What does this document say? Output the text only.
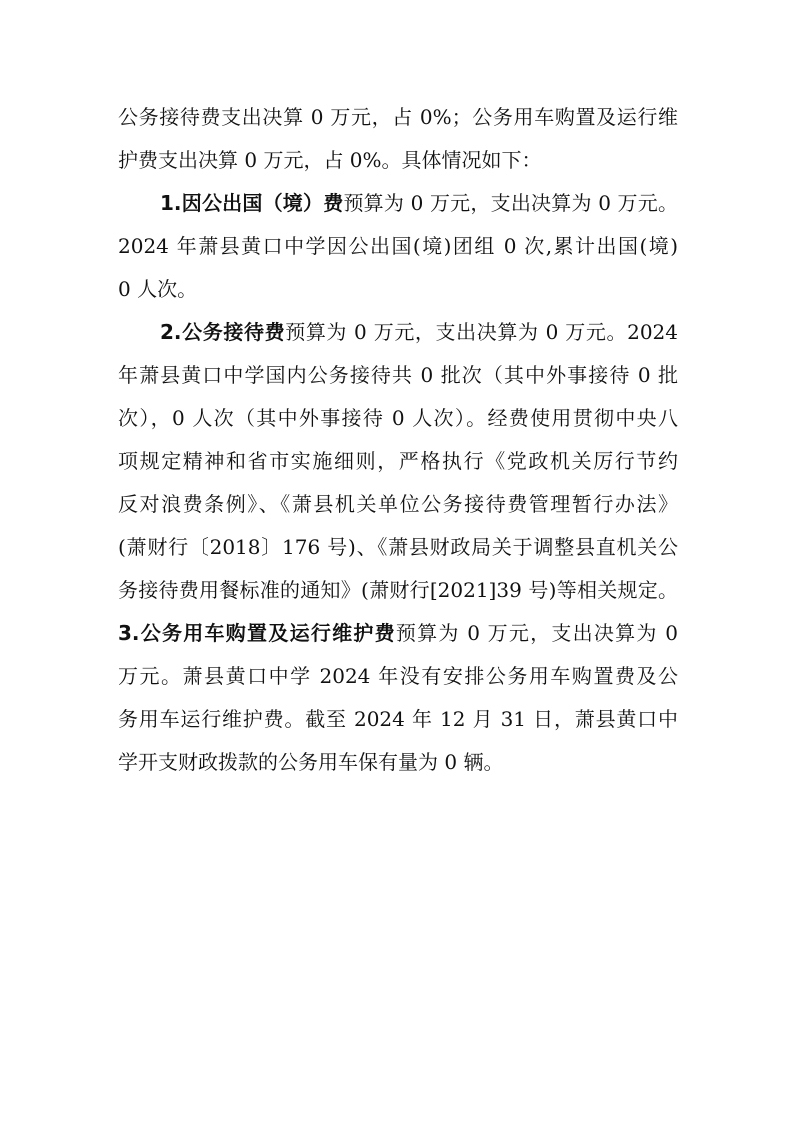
公务接待费支出决算 0 万元，占 0%；公务用车购置及运行维
护费支出决算 0 万元，占 0%。具体情况如下：
1.因公出国（境）费预算为 0 万元，支出决算为 0 万元。
2024 年萧县黄口中学因公出国(境)团组 0 次,累计出国(境)
0 人次。
2.公务接待费预算为 0 万元，支出决算为 0 万元。2024
年萧县黄口中学国内公务接待共 0 批次（其中外事接待 0 批
次），0 人次（其中外事接待 0 人次）。经费使用贯彻中央八
项规定精神和省市实施细则，严格执行《党政机关厉行节约
反对浪费条例》、《萧县机关单位公务接待费管理暂行办法》
(萧财行〔2018〕176 号)、《萧县财政局关于调整县直机关公
务接待费用餐标准的通知》(萧财行[2021]39 号)等相关规定。
3.公务用车购置及运行维护费预算为 0 万元，支出决算为 0
万元。萧县黄口中学 2024 年没有安排公务用车购置费及公
务用车运行维护费。截至 2024 年 12 月 31 日，萧县黄口中
学开支财政拨款的公务用车保有量为 0 辆。
